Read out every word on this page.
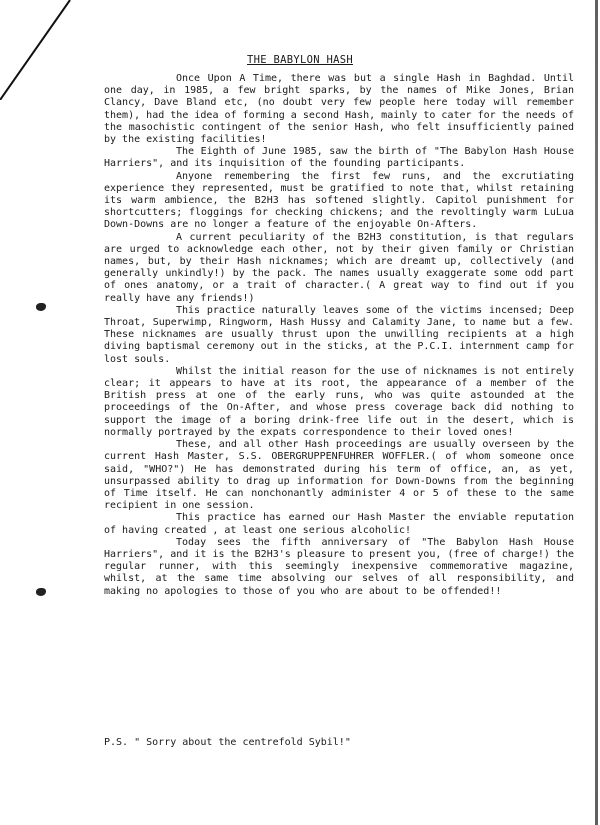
THE BABYLON HASH

Once Upon A Time, there was but a single Hash in Baghdad. Until one day, in 1985, a few bright sparks, by the names of Mike Jones, Brian Clancy, Dave Bland etc, (no doubt very few people here today will remember them), had the idea of forming a second Hash, mainly to cater for the needs of the masochistic contingent of the senior Hash, who felt insufficiently pained by the existing facilities!

The Eighth of June 1985, saw the birth of "The Babylon Hash House Harriers", and its inquisition of the founding participants.

Anyone remembering the first few runs, and the excrutiating experience they represented, must be gratified to note that, whilst retaining its warm ambience, the B2H3 has softened slightly. Capitol punishment for shortcutters; floggings for checking chickens; and the revoltingly warm LuLua Down-Downs are no longer a feature of the enjoyable On-Afters.

A current peculiarity of the B2H3 constitution, is that regulars are urged to acknowledge each other, not by their given family or Christian names, but, by their Hash nicknames; which are dreamt up, collectively (and generally unkindly!) by the pack. The names usually exaggerate some odd part of ones anatomy, or a trait of character.( A great way to find out if you really have any friends!)

This practice naturally leaves some of the victims incensed; Deep Throat, Superwimp, Ringworm, Hash Hussy and Calamity Jane, to name but a few. These nicknames are usually thrust upon the unwilling recipients at a high diving baptismal ceremony out in the sticks, at the P.C.I. internment camp for lost souls.

Whilst the initial reason for the use of nicknames is not entirely clear; it appears to have at its root, the appearance of a member of the British press at one of the early runs, who was quite astounded at the proceedings of the On-After, and whose press coverage back did nothing to support the image of a boring drink-free life out in the desert, which is normally portrayed by the expats correspondence to their loved ones!

These, and all other Hash proceedings are usually overseen by the current Hash Master, S.S. OBERGRUPPENFUHRER WOFFLER.( of whom someone once said, "WHO?") He has demonstrated during his term of office, an, as yet, unsurpassed ability to drag up information for Down-Downs from the beginning of Time itself. He can nonchonantly administer 4 or 5 of these to the same recipient in one session.

This practice has earned our Hash Master the enviable reputation of having created , at least one serious alcoholic!

Today sees the fifth anniversary of "The Babylon Hash House Harriers", and it is the B2H3's pleasure to present you, (free of charge!) the regular runner, with this seemingly inexpensive commemorative magazine, whilst, at the same time absolving our selves of all responsibility, and making no apologies to those of you who are about to be offended!!

P.S. " Sorry about the centrefold Sybil!"
